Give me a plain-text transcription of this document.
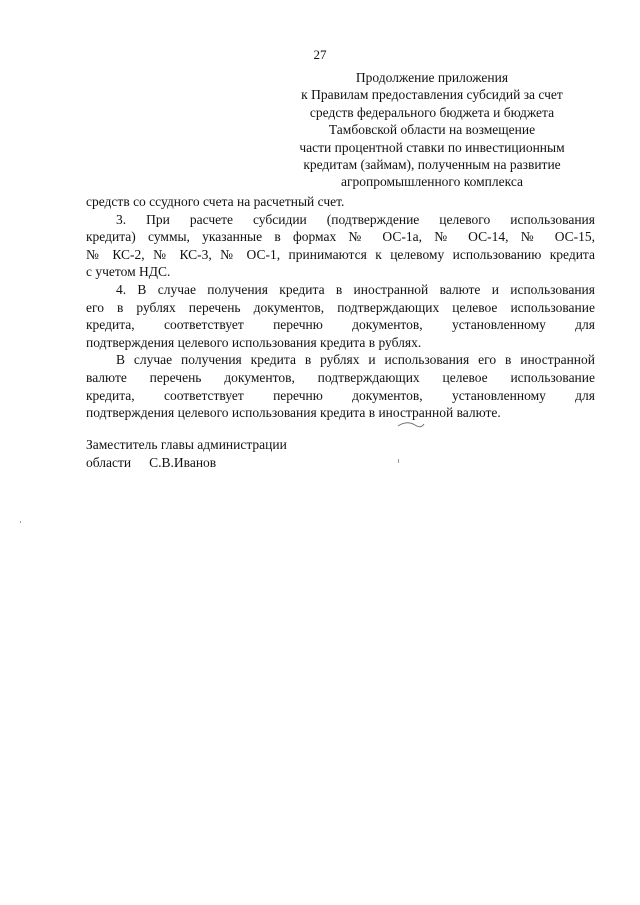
27
Продолжение приложения
к Правилам предоставления субсидий за счет
средств федерального бюджета и бюджета
Тамбовской области на возмещение
части процентной ставки по инвестиционным
кредитам (займам), полученным на развитие
агропромышленного комплекса

средств со ссудного счета на расчетный счет.

3. При расчете субсидии (подтверждение целевого использования
кредита) суммы, указанные в формах № ОС-1а, № ОС-14, № ОС-15,
№ КС-2, № КС-3, № ОС-1, принимаются к целевому использованию кредита
с учетом НДС.

4. В случае получения кредита в иностранной валюте и использования
его в рублях перечень документов, подтверждающих целевое использование
кредита, соответствует перечню документов, установленному для
подтверждения целевого использования кредита в рублях.

В случае получения кредита в рублях и использования его в иностранной
валюте перечень документов, подтверждающих целевое использование
кредита, соответствует перечню документов, установленному для
подтверждения целевого использования кредита в иностранной валюте.

Заместитель главы администрации
области С.В.Иванов
